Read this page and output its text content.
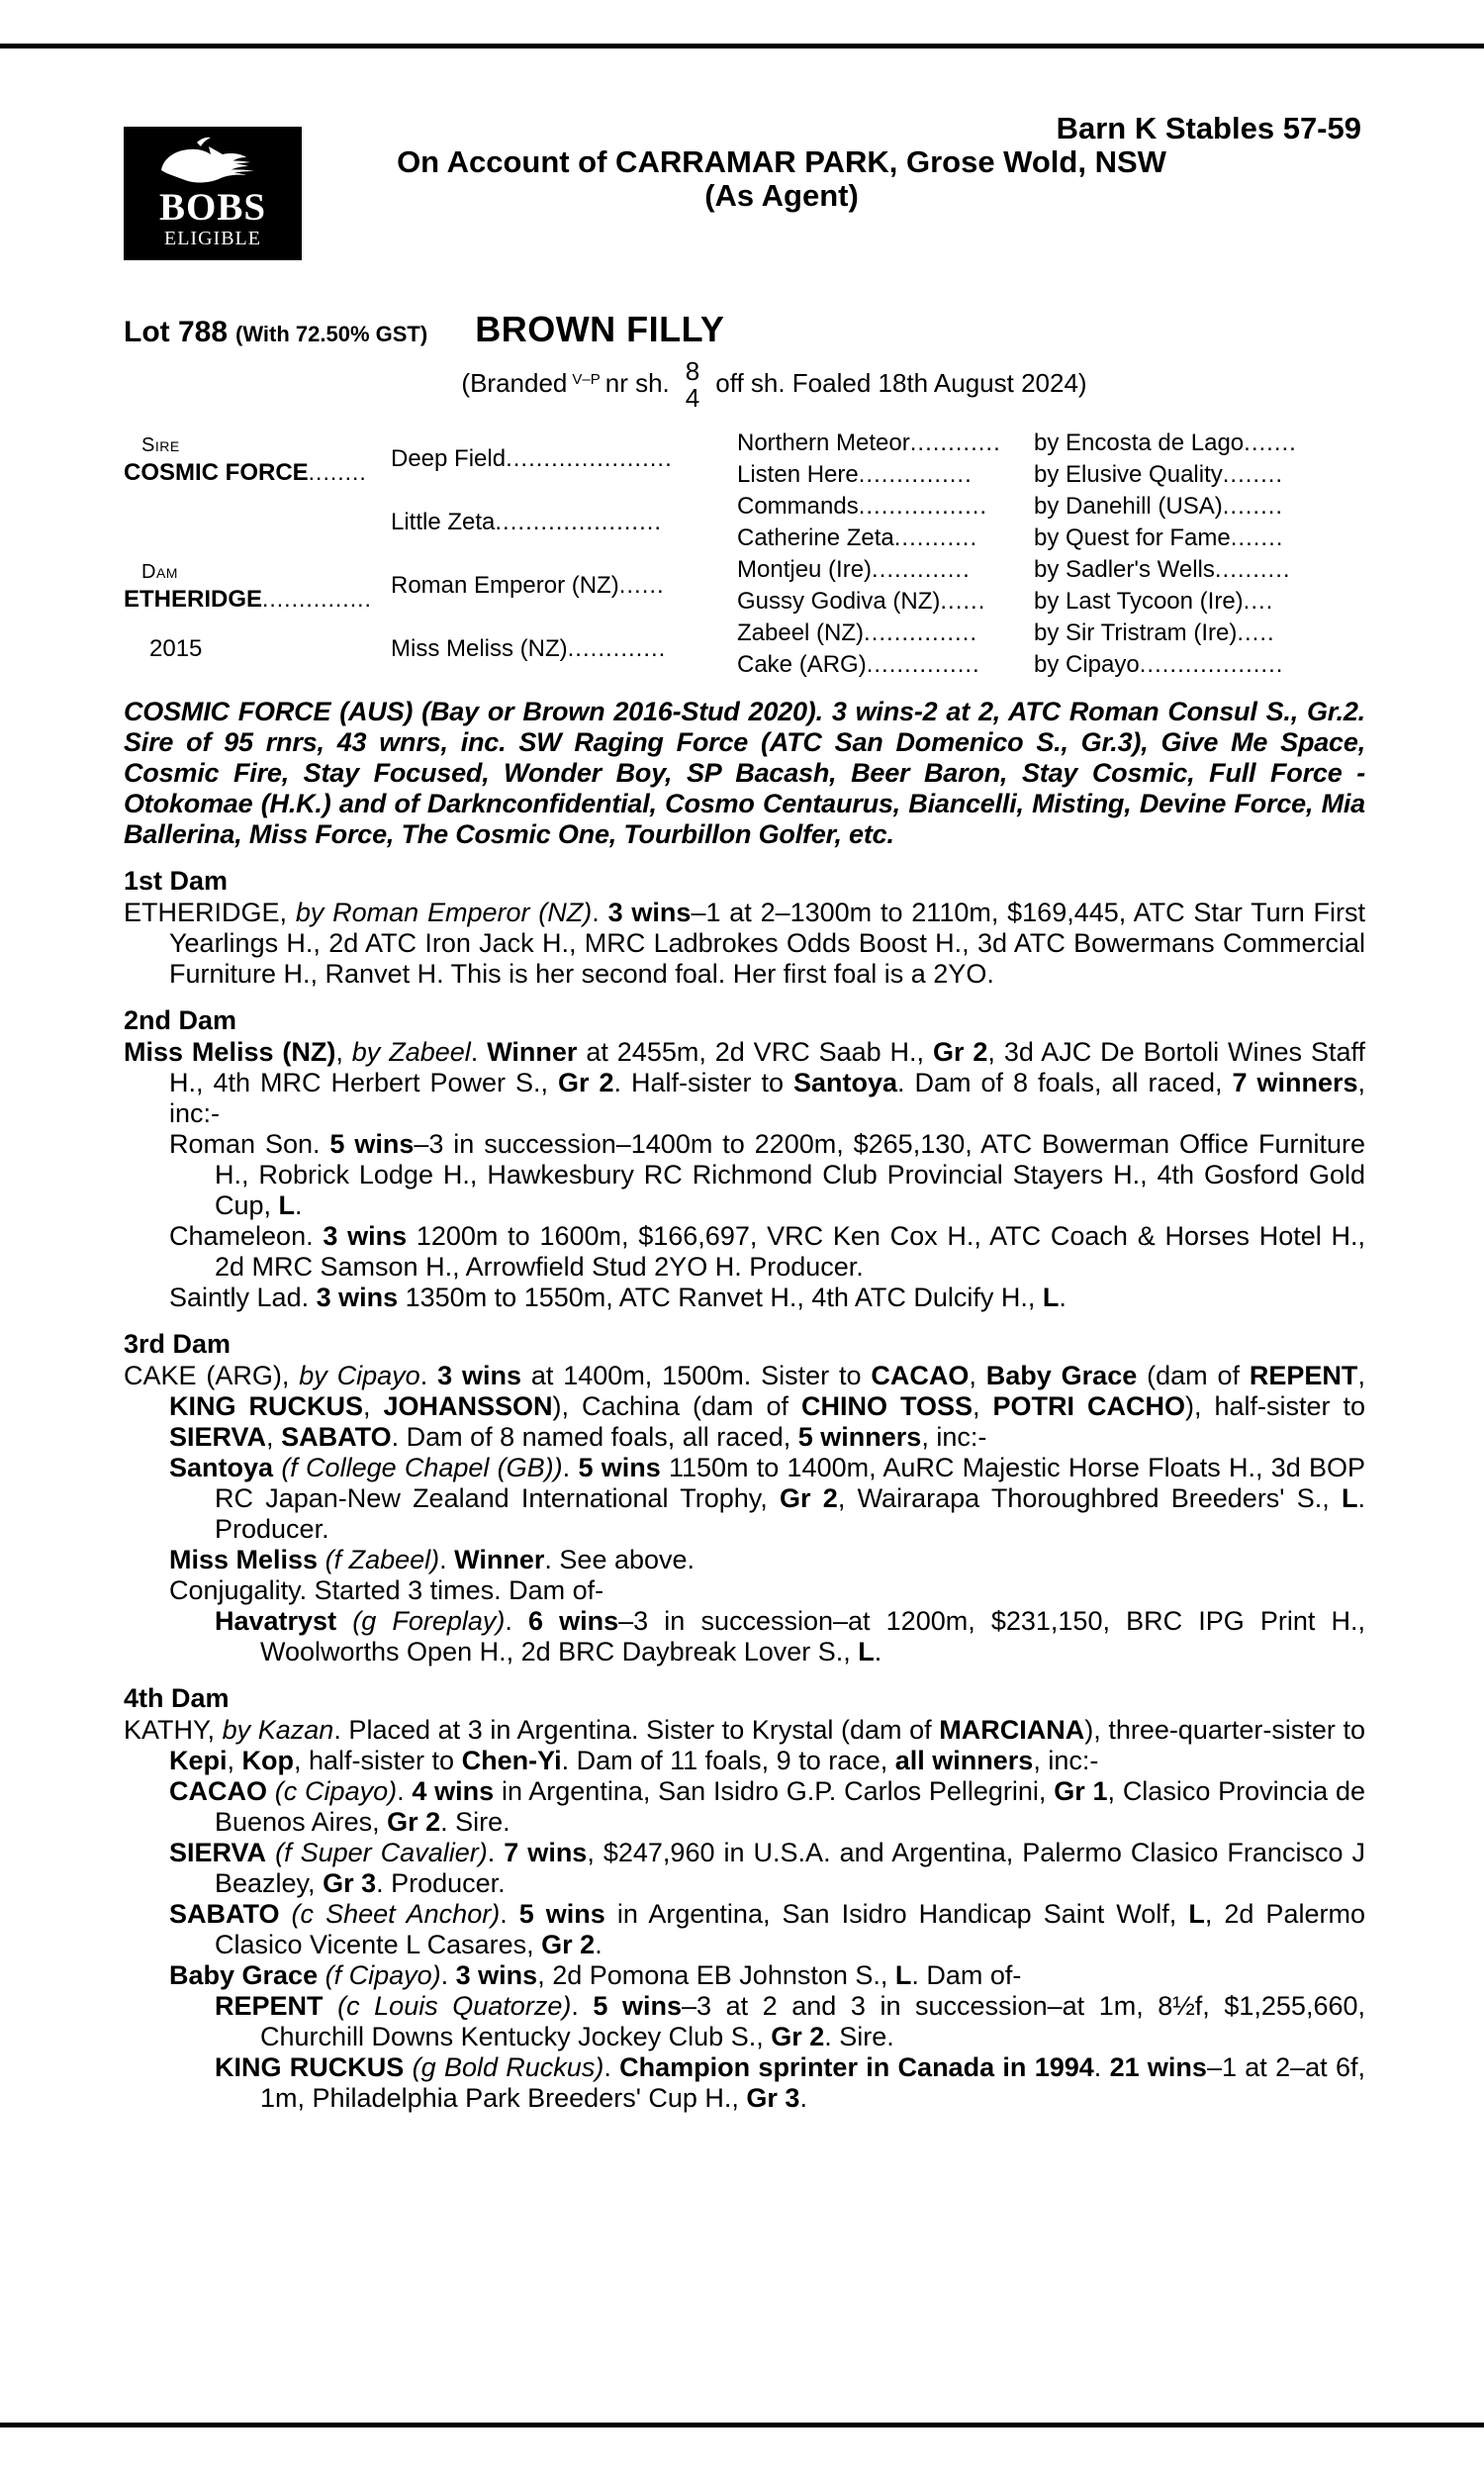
BOBS
ELIGIBLE
Barn K Stables 57-59
On Account of CARRAMAR PARK, Grose Wold, NSW
(As Agent)
Lot 788 (With 72.50% GST) BROWN FILLY
(Branded V–P nr sh. 8
4
off sh. Foaled 18th August 2024)
Sire
COSMIC FORCE........	Deep Field......................	Northern Meteor............	by Encosta de Lago.......
		Listen Here...............	by Elusive Quality........
	Little Zeta......................	Commands.................	by Danehill (USA)........
		Catherine Zeta...........	by Quest for Fame.......

Dam
ETHERIDGE...............	Roman Emperor (NZ)......	Montjeu (Ire).............	by Sadler's Wells..........
		Gussy Godiva (NZ)......	by Last Tycoon (Ire)....

2015	Miss Meliss (NZ).............	Zabeel (NZ)...............	by Sir Tristram (Ire).....
		Cake (ARG)...............	by Cipayo...................
COSMIC FORCE (AUS) (Bay or Brown 2016-Stud 2020). 3 wins-2 at 2, ATC Roman Consul S., Gr.2. Sire of 95 rnrs, 43 wnrs, inc. SW Raging Force (ATC San Domenico S., Gr.3), Give Me Space, Cosmic Fire, Stay Focused, Wonder Boy, SP Bacash, Beer Baron, Stay Cosmic, Full Force - Otokomae (H.K.) and of Darknconfidential, Cosmo Centaurus, Biancelli, Misting, Devine Force, Mia Ballerina, Miss Force, The Cosmic One, Tourbillon Golfer, etc.
1st Dam
ETHERIDGE, by Roman Emperor (NZ). 3 wins–1 at 2–1300m to 2110m, $169,445, ATC Star Turn First Yearlings H., 2d ATC Iron Jack H., MRC Ladbrokes Odds Boost H., 3d ATC Bowermans Commercial Furniture H., Ranvet H. This is her second foal. Her first foal is a 2YO.
2nd Dam
Miss Meliss (NZ), by Zabeel. Winner at 2455m, 2d VRC Saab H., Gr 2, 3d AJC De Bortoli Wines Staff H., 4th MRC Herbert Power S., Gr 2. Half-sister to Santoya. Dam of 8 foals, all raced, 7 winners, inc:-
Roman Son. 5 wins–3 in succession–1400m to 2200m, $265,130, ATC Bowerman Office Furniture H., Robrick Lodge H., Hawkesbury RC Richmond Club Provincial Stayers H., 4th Gosford Gold Cup, L.
Chameleon. 3 wins 1200m to 1600m, $166,697, VRC Ken Cox H., ATC Coach & Horses Hotel H., 2d MRC Samson H., Arrowfield Stud 2YO H. Producer.
Saintly Lad. 3 wins 1350m to 1550m, ATC Ranvet H., 4th ATC Dulcify H., L.
3rd Dam
CAKE (ARG), by Cipayo. 3 wins at 1400m, 1500m. Sister to CACAO, Baby Grace (dam of REPENT, KING RUCKUS, JOHANSSON), Cachina (dam of CHINO TOSS, POTRI CACHO), half-sister to SIERVA, SABATO. Dam of 8 named foals, all raced, 5 winners, inc:-
Santoya (f College Chapel (GB)). 5 wins 1150m to 1400m, AuRC Majestic Horse Floats H., 3d BOP RC Japan-New Zealand International Trophy, Gr 2, Wairarapa Thoroughbred Breeders' S., L. Producer.
Miss Meliss (f Zabeel). Winner. See above.
Conjugality. Started 3 times. Dam of-
Havatryst (g Foreplay). 6 wins–3 in succession–at 1200m, $231,150, BRC IPG Print H., Woolworths Open H., 2d BRC Daybreak Lover S., L.
4th Dam
KATHY, by Kazan. Placed at 3 in Argentina. Sister to Krystal (dam of MARCIANA), three-quarter-sister to Kepi, Kop, half-sister to Chen-Yi. Dam of 11 foals, 9 to race, all winners, inc:-
CACAO (c Cipayo). 4 wins in Argentina, San Isidro G.P. Carlos Pellegrini, Gr 1, Clasico Provincia de Buenos Aires, Gr 2. Sire.
SIERVA (f Super Cavalier). 7 wins, $247,960 in U.S.A. and Argentina, Palermo Clasico Francisco J Beazley, Gr 3. Producer.
SABATO (c Sheet Anchor). 5 wins in Argentina, San Isidro Handicap Saint Wolf, L, 2d Palermo Clasico Vicente L Casares, Gr 2.
Baby Grace (f Cipayo). 3 wins, 2d Pomona EB Johnston S., L. Dam of-
REPENT (c Louis Quatorze). 5 wins–3 at 2 and 3 in succession–at 1m, 8½f, $1,255,660, Churchill Downs Kentucky Jockey Club S., Gr 2. Sire.
KING RUCKUS (g Bold Ruckus). Champion sprinter in Canada in 1994. 21 wins–1 at 2–at 6f, 1m, Philadelphia Park Breeders' Cup H., Gr 3.
